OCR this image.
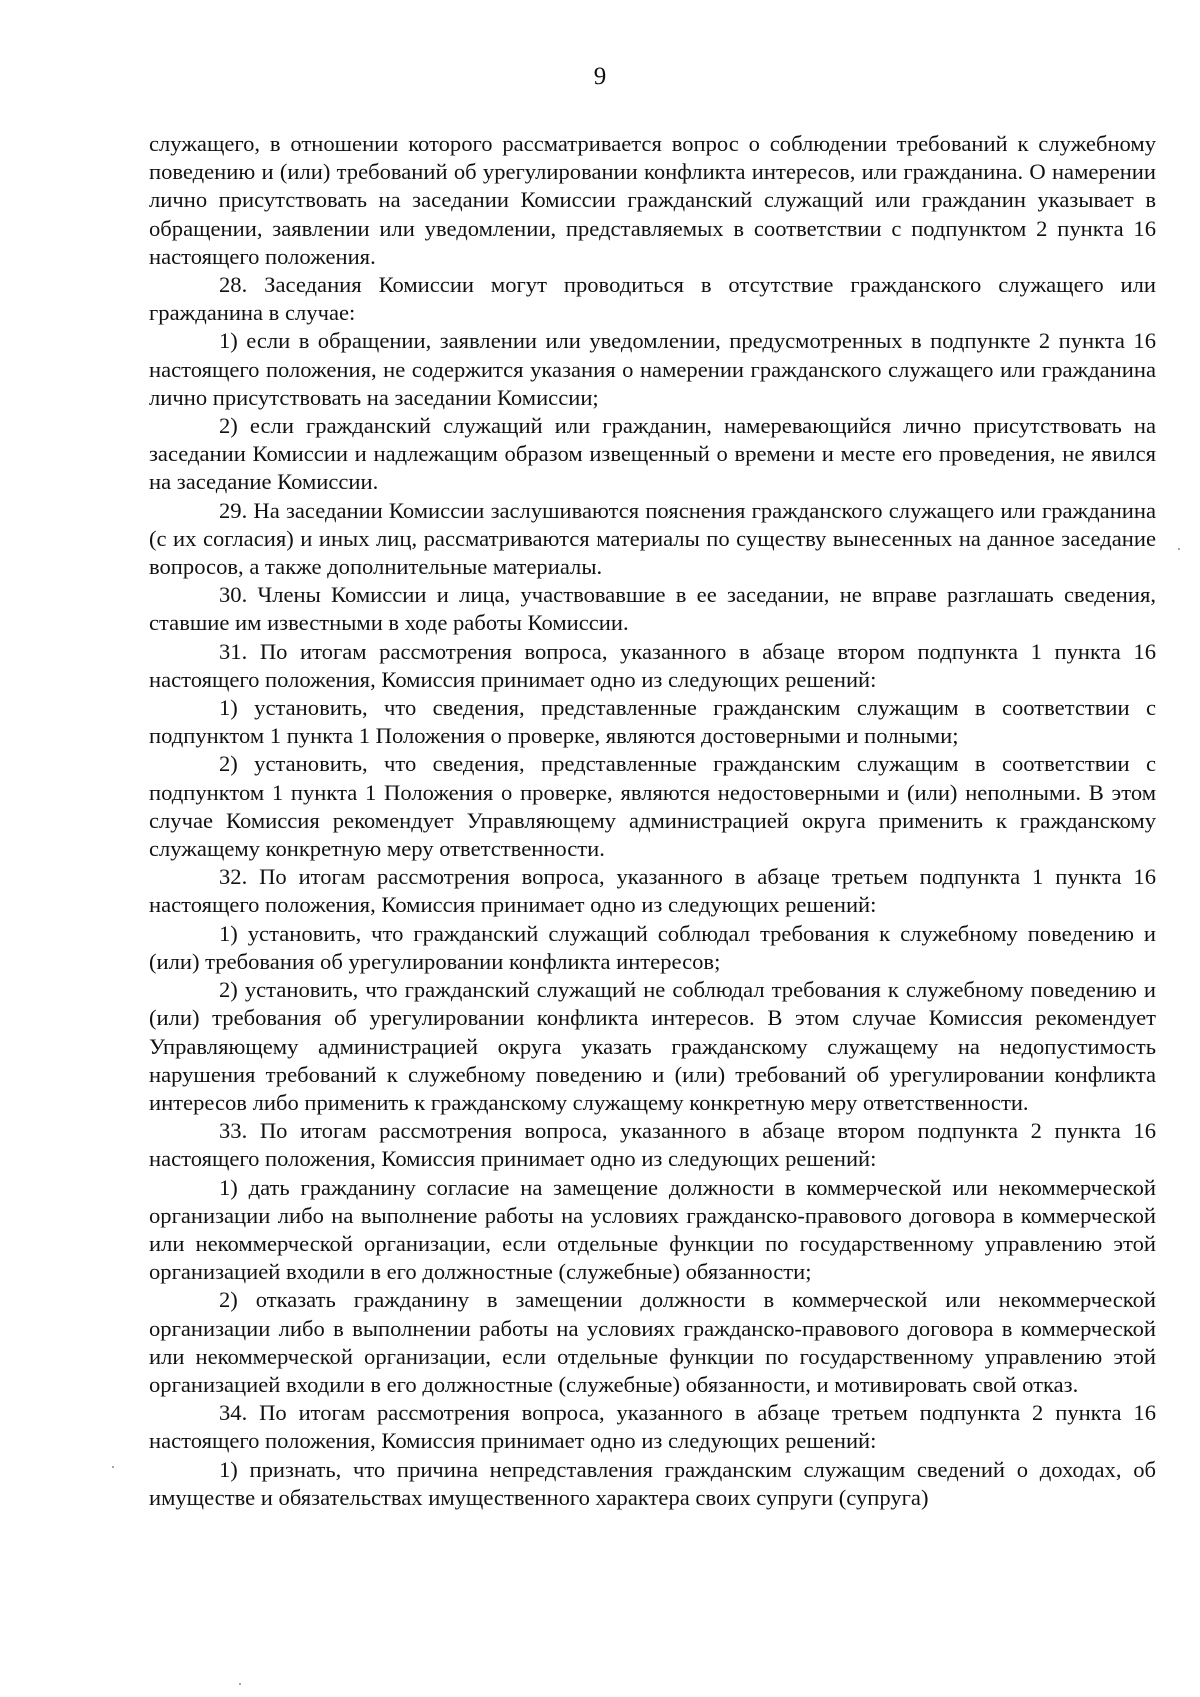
9

служащего, в отношении которого рассматривается вопрос о соблюдении требований к служебному поведению и (или) требований об урегулировании конфликта интересов, или гражданина. О намерении лично присутствовать на заседании Комиссии гражданский служащий или гражданин указывает в обращении, заявлении или уведомлении, представляемых в соответствии с подпунктом 2 пункта 16 настоящего положения.

28. Заседания Комиссии могут проводиться в отсутствие гражданского служащего или гражданина в случае:

1) если в обращении, заявлении или уведомлении, предусмотренных в подпункте 2 пункта 16 настоящего положения, не содержится указания о намерении гражданского служащего или гражданина лично присутствовать на заседании Комиссии;

2) если гражданский служащий или гражданин, намеревающийся лично присутствовать на заседании Комиссии и надлежащим образом извещенный о времени и месте его проведения, не явился на заседание Комиссии.

29. На заседании Комиссии заслушиваются пояснения гражданского служащего или гражданина (с их согласия) и иных лиц, рассматриваются материалы по существу вынесенных на данное заседание вопросов, а также дополнительные материалы.

30. Члены Комиссии и лица, участвовавшие в ее заседании, не вправе разглашать сведения, ставшие им известными в ходе работы Комиссии.

31. По итогам рассмотрения вопроса, указанного в абзаце втором подпункта 1 пункта 16 настоящего положения, Комиссия принимает одно из следующих решений:

1) установить, что сведения, представленные гражданским служащим в соответствии с подпунктом 1 пункта 1 Положения о проверке, являются достоверными и полными;

2) установить, что сведения, представленные гражданским служащим в соответствии с подпунктом 1 пункта 1 Положения о проверке, являются недостоверными и (или) неполными. В этом случае Комиссия рекомендует Управляющему администрацией округа применить к гражданскому служащему конкретную меру ответственности.

32. По итогам рассмотрения вопроса, указанного в абзаце третьем подпункта 1 пункта 16 настоящего положения, Комиссия принимает одно из следующих решений:

1) установить, что гражданский служащий соблюдал требования к служебному поведению и (или) требования об урегулировании конфликта интересов;

2) установить, что гражданский служащий не соблюдал требования к служебному поведению и (или) требования об урегулировании конфликта интересов. В этом случае Комиссия рекомендует Управляющему администрацией округа указать гражданскому служащему на недопустимость нарушения требований к служебному поведению и (или) требований об урегулировании конфликта интересов либо применить к гражданскому служащему конкретную меру ответственности.

33. По итогам рассмотрения вопроса, указанного в абзаце втором подпункта 2 пункта 16 настоящего положения, Комиссия принимает одно из следующих решений:

1) дать гражданину согласие на замещение должности в коммерческой или некоммерческой организации либо на выполнение работы на условиях гражданско-правового договора в коммерческой или некоммерческой организации, если отдельные функции по государственному управлению этой организацией входили в его должностные (служебные) обязанности;

2) отказать гражданину в замещении должности в коммерческой или некоммерческой организации либо в выполнении работы на условиях гражданско-правового договора в коммерческой или некоммерческой организации, если отдельные функции по государственному управлению этой организацией входили в его должностные (служебные) обязанности, и мотивировать свой отказ.

34. По итогам рассмотрения вопроса, указанного в абзаце третьем подпункта 2 пункта 16 настоящего положения, Комиссия принимает одно из следующих решений:

1) признать, что причина непредставления гражданским служащим сведений о доходах, об имуществе и обязательствах имущественного характера своих супруги (супруга)
